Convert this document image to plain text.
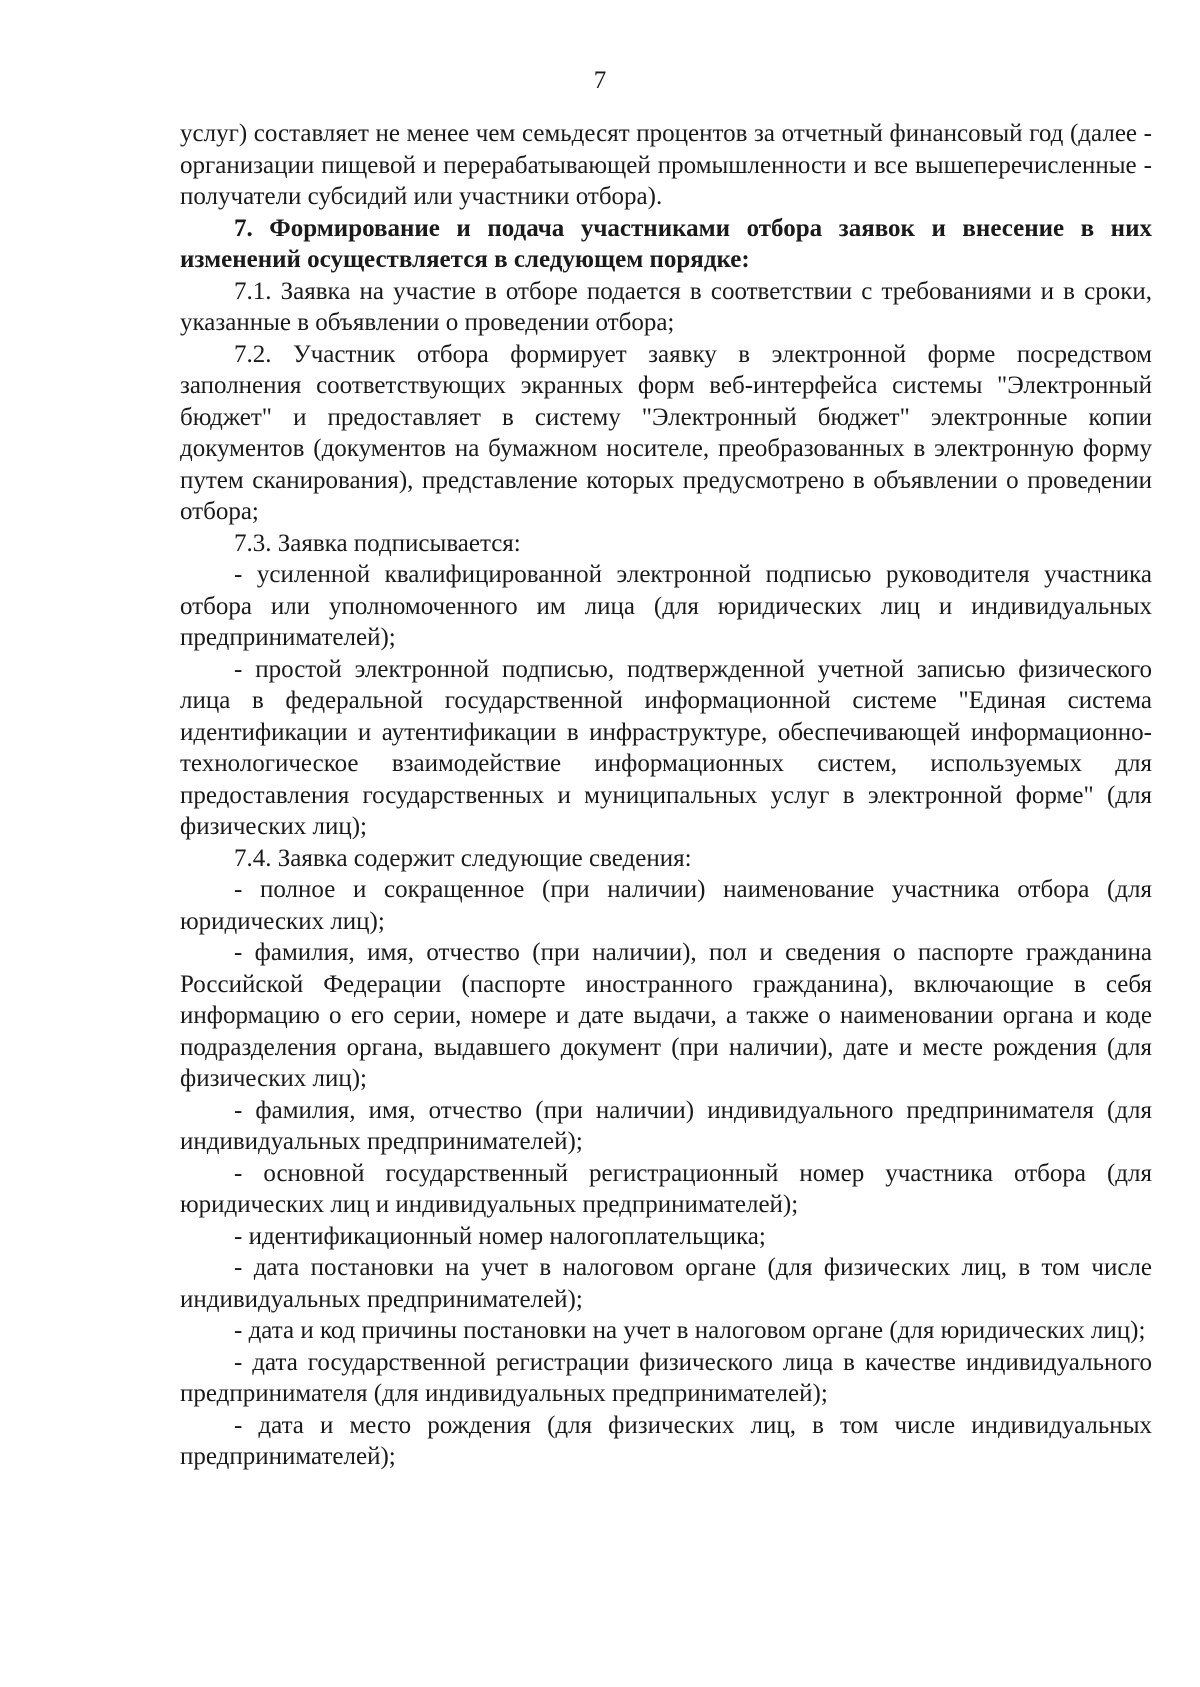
7

услуг) составляет не менее чем семьдесят процентов за отчетный финансовый год (далее - организации пищевой и перерабатывающей промышленности и все вышеперечисленные - получатели субсидий или участники отбора).

7. Формирование и подача участниками отбора заявок и внесение в них изменений осуществляется в следующем порядке:

7.1. Заявка на участие в отборе подается в соответствии с требованиями и в сроки, указанные в объявлении о проведении отбора;

7.2. Участник отбора формирует заявку в электронной форме посредством заполнения соответствующих экранных форм веб-интерфейса системы "Электронный бюджет" и предоставляет в систему "Электронный бюджет" электронные копии документов (документов на бумажном носителе, преобразованных в электронную форму путем сканирования), представление которых предусмотрено в объявлении о проведении отбора;

7.3. Заявка подписывается:

- усиленной квалифицированной электронной подписью руководителя участника отбора или уполномоченного им лица (для юридических лиц и индивидуальных предпринимателей);

- простой электронной подписью, подтвержденной учетной записью физического лица в федеральной государственной информационной системе "Единая система идентификации и аутентификации в инфраструктуре, обеспечивающей информационно-технологическое взаимодействие информационных систем, используемых для предоставления государственных и муниципальных услуг в электронной форме" (для физических лиц);

7.4. Заявка содержит следующие сведения:

- полное и сокращенное (при наличии) наименование участника отбора (для юридических лиц);

- фамилия, имя, отчество (при наличии), пол и сведения о паспорте гражданина Российской Федерации (паспорте иностранного гражданина), включающие в себя информацию о его серии, номере и дате выдачи, а также о наименовании органа и коде подразделения органа, выдавшего документ (при наличии), дате и месте рождения (для физических лиц);

- фамилия, имя, отчество (при наличии) индивидуального предпринимателя (для индивидуальных предпринимателей);

- основной государственный регистрационный номер участника отбора (для юридических лиц и индивидуальных предпринимателей);

- идентификационный номер налогоплательщика;

- дата постановки на учет в налоговом органе (для физических лиц, в том числе индивидуальных предпринимателей);

- дата и код причины постановки на учет в налоговом органе (для юридических лиц);

- дата государственной регистрации физического лица в качестве индивидуального предпринимателя (для индивидуальных предпринимателей);

- дата и место рождения (для физических лиц, в том числе индивидуальных предпринимателей);
